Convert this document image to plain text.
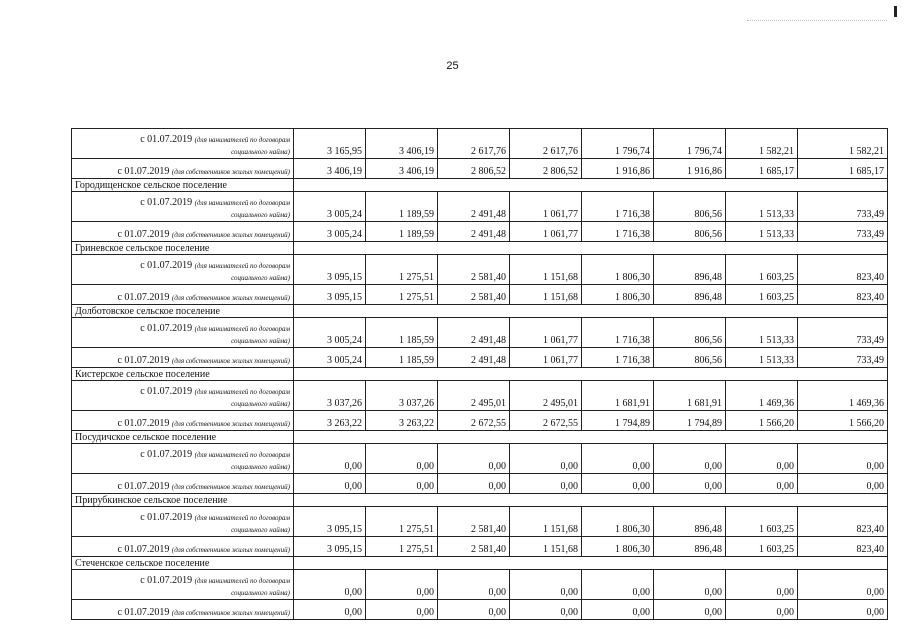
25
с 01.07.2019 (для нанимателей по договорам
социального найма)	3 165,95	3 406,19	2 617,76	2 617,76	1 796,74	1 796,74	1 582,21	1 582,21
с 01.07.2019 (для собственников жилых помещений)	3 406,19	3 406,19	2 806,52	2 806,52	1 916,86	1 916,86	1 685,17	1 685,17
Городищенское сельское поселение								

с 01.07.2019 (для нанимателей по договорам
социального найма)	3 005,24	1 189,59	2 491,48	1 061,77	1 716,38	806,56	1 513,33	733,49
с 01.07.2019 (для собственников жилых помещений)	3 005,24	1 189,59	2 491,48	1 061,77	1 716,38	806,56	1 513,33	733,49
Гриневское сельское поселение								

с 01.07.2019 (для нанимателей по договорам
социального найма)	3 095,15	1 275,51	2 581,40	1 151,68	1 806,30	896,48	1 603,25	823,40
с 01.07.2019 (для собственников жилых помещений)	3 095,15	1 275,51	2 581,40	1 151,68	1 806,30	896,48	1 603,25	823,40
Долботовское сельское поселение								

с 01.07.2019 (для нанимателей по договорам
социального найма)	3 005,24	1 185,59	2 491,48	1 061,77	1 716,38	806,56	1 513,33	733,49
с 01.07.2019 (для собственников жилых помещений)	3 005,24	1 185,59	2 491,48	1 061,77	1 716,38	806,56	1 513,33	733,49
Кистерское сельское поселение								

с 01.07.2019 (для нанимателей по договорам
социального найма)	3 037,26	3 037,26	2 495,01	2 495,01	1 681,91	1 681,91	1 469,36	1 469,36
с 01.07.2019 (для собственников жилых помещений)	3 263,22	3 263,22	2 672,55	2 672,55	1 794,89	1 794,89	1 566,20	1 566,20
Посудичское сельское поселение								

с 01.07.2019 (для нанимателей по договорам
социального найма)	0,00	0,00	0,00	0,00	0,00	0,00	0,00	0,00
с 01.07.2019 (для собственников жилых помещений)	0,00	0,00	0,00	0,00	0,00	0,00	0,00	0,00
Прирубкинское сельское поселение								

с 01.07.2019 (для нанимателей по договорам
социального найма)	3 095,15	1 275,51	2 581,40	1 151,68	1 806,30	896,48	1 603,25	823,40
с 01.07.2019 (для собственников жилых помещений)	3 095,15	1 275,51	2 581,40	1 151,68	1 806,30	896,48	1 603,25	823,40
Стеченское сельское поселение								

с 01.07.2019 (для нанимателей по договорам
социального найма)	0,00	0,00	0,00	0,00	0,00	0,00	0,00	0,00
с 01.07.2019 (для собственников жилых помещений)	0,00	0,00	0,00	0,00	0,00	0,00	0,00	0,00
